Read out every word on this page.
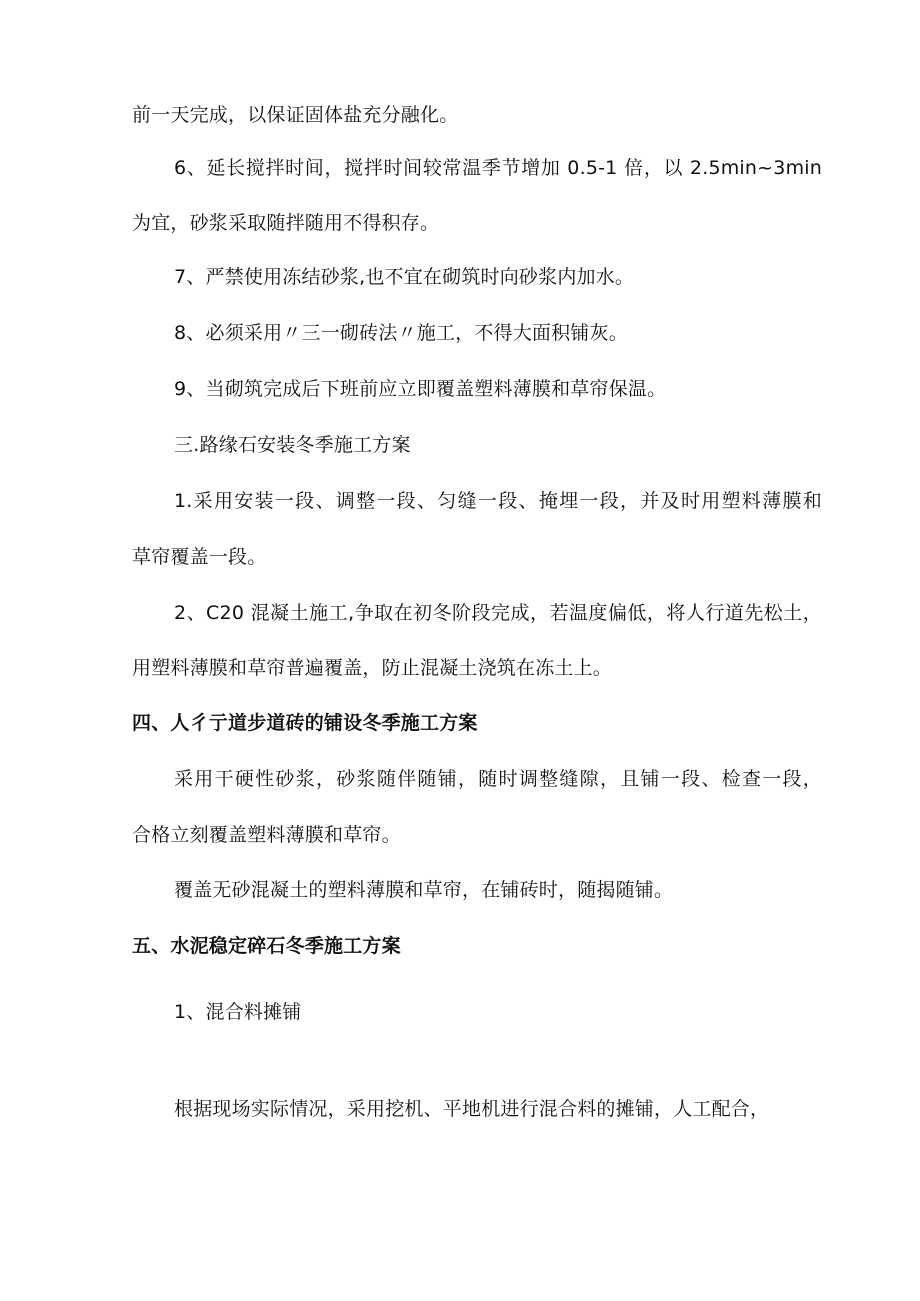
前一天完成，以保证固体盐充分融化。
6、延长搅拌时间，搅拌时间较常温季节增加 0.5-1 倍，以 2.5min~3min
为宜，砂浆采取随拌随用不得积存。
7、严禁使用冻结砂浆,也不宜在砌筑时向砂浆内加水。
8、必须采用〃三一砌砖法〃施工，不得大面积铺灰。
9、当砌筑完成后下班前应立即覆盖塑料薄膜和草帘保温。
三.路缘石安装冬季施工方案
1.采用安装一段、调整一段、匀缝一段、掩埋一段，并及时用塑料薄膜和
草帘覆盖一段。
2、C20 混凝土施工,争取在初冬阶段完成，若温度偏低，将人行道先松土，
用塑料薄膜和草帘普遍覆盖，防止混凝土浇筑在冻土上。
四、人彳亍道步道砖的铺设冬季施工方案
采用干硬性砂浆，砂浆随伴随铺，随时调整缝隙，且铺一段、检查一段，
合格立刻覆盖塑料薄膜和草帘。
覆盖无砂混凝土的塑料薄膜和草帘，在铺砖时，随揭随铺。
五、水泥稳定碎石冬季施工方案
1、混合料摊铺
根据现场实际情况，采用挖机、平地机进行混合料的摊铺，人工配合，
